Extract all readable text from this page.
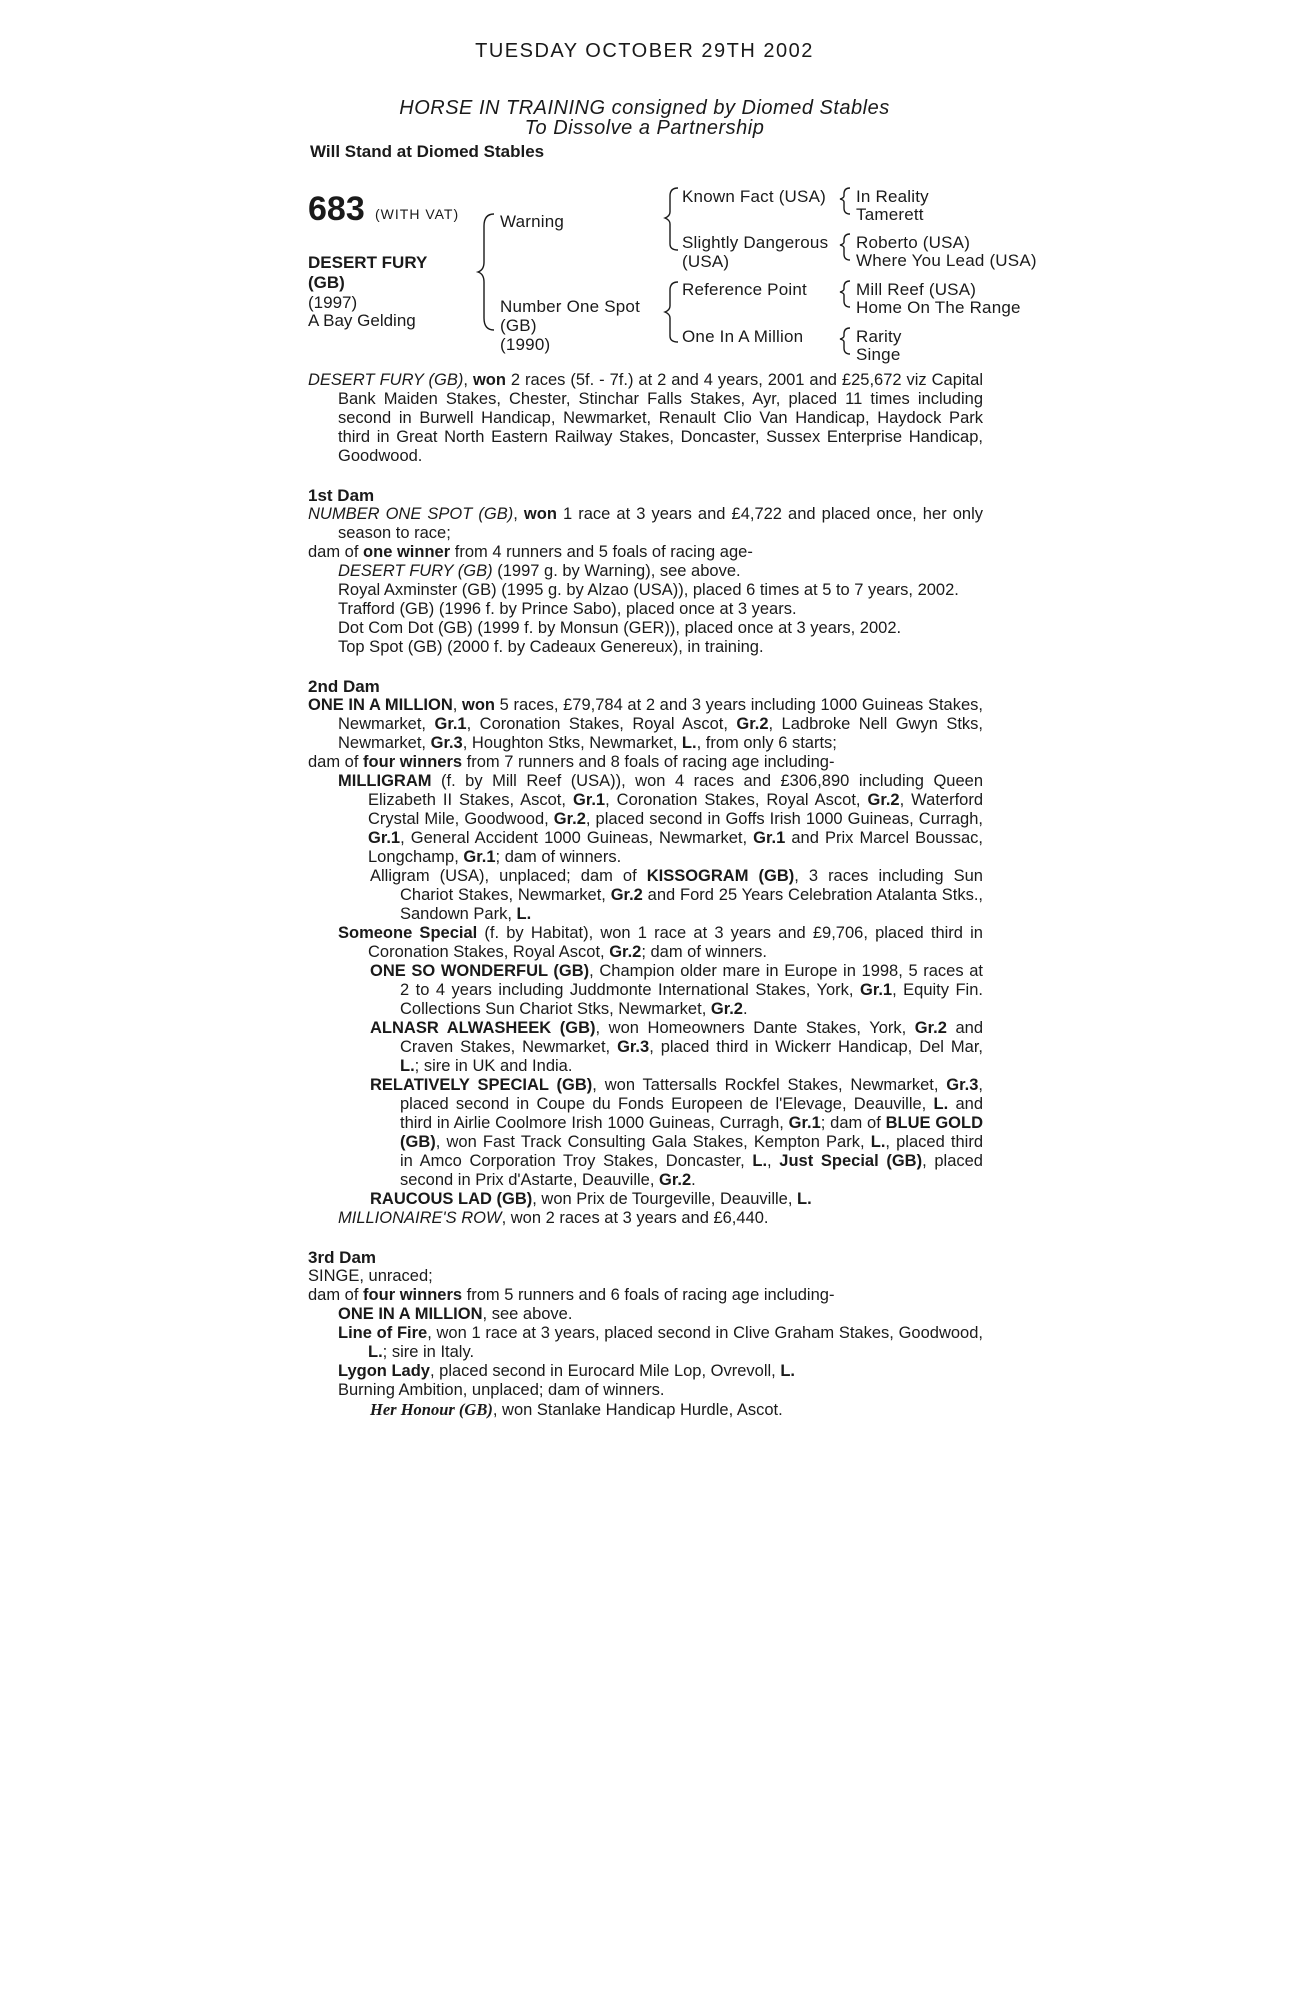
TUESDAY OCTOBER 29TH 2002
HORSE IN TRAINING consigned by Diomed Stables
To Dissolve a Partnership
Will Stand at Diomed Stables
683 (WITH VAT)
DESERT FURY
(GB)
(1997)
A Bay Gelding
Warning
Number One Spot
(GB)
(1990)
Known Fact (USA)
Slightly Dangerous
(USA)
Reference Point
One In A Million
In Reality
Tamerett
Roberto (USA)
Where You Lead (USA)
Mill Reef (USA)
Home On The Range
Rarity
Singe

DESERT FURY (GB), won 2 races (5f. - 7f.) at 2 and 4 years, 2001 and £25,672 viz Capital Bank Maiden Stakes, Chester, Stinchar Falls Stakes, Ayr, placed 11 times including second in Burwell Handicap, Newmarket, Renault Clio Van Handicap, Haydock Park third in Great North Eastern Railway Stakes, Doncaster, Sussex Enterprise Handicap, Goodwood.

1st Dam

NUMBER ONE SPOT (GB), won 1 race at 3 years and £4,722 and placed once, her only season to race;

dam of one winner from 4 runners and 5 foals of racing age-

DESERT FURY (GB) (1997 g. by Warning), see above.

Royal Axminster (GB) (1995 g. by Alzao (USA)), placed 6 times at 5 to 7 years, 2002.

Trafford (GB) (1996 f. by Prince Sabo), placed once at 3 years.

Dot Com Dot (GB) (1999 f. by Monsun (GER)), placed once at 3 years, 2002.

Top Spot (GB) (2000 f. by Cadeaux Genereux), in training.

2nd Dam

ONE IN A MILLION, won 5 races, £79,784 at 2 and 3 years including 1000 Guineas Stakes, Newmarket, Gr.1, Coronation Stakes, Royal Ascot, Gr.2, Ladbroke Nell Gwyn Stks, Newmarket, Gr.3, Houghton Stks, Newmarket, L., from only 6 starts;

dam of four winners from 7 runners and 8 foals of racing age including-

MILLIGRAM (f. by Mill Reef (USA)), won 4 races and £306,890 including Queen Elizabeth II Stakes, Ascot, Gr.1, Coronation Stakes, Royal Ascot, Gr.2, Waterford Crystal Mile, Goodwood, Gr.2, placed second in Goffs Irish 1000 Guineas, Curragh, Gr.1, General Accident 1000 Guineas, Newmarket, Gr.1 and Prix Marcel Boussac, Longchamp, Gr.1; dam of winners.

Alligram (USA), unplaced; dam of KISSOGRAM (GB), 3 races including Sun Chariot Stakes, Newmarket, Gr.2 and Ford 25 Years Celebration Atalanta Stks., Sandown Park, L.

Someone Special (f. by Habitat), won 1 race at 3 years and £9,706, placed third in Coronation Stakes, Royal Ascot, Gr.2; dam of winners.

ONE SO WONDERFUL (GB), Champion older mare in Europe in 1998, 5 races at 2 to 4 years including Juddmonte International Stakes, York, Gr.1, Equity Fin. Collections Sun Chariot Stks, Newmarket, Gr.2.

ALNASR ALWASHEEK (GB), won Homeowners Dante Stakes, York, Gr.2 and Craven Stakes, Newmarket, Gr.3, placed third in Wickerr Handicap, Del Mar, L.; sire in UK and India.

RELATIVELY SPECIAL (GB), won Tattersalls Rockfel Stakes, Newmarket, Gr.3, placed second in Coupe du Fonds Europeen de l'Elevage, Deauville, L. and third in Airlie Coolmore Irish 1000 Guineas, Curragh, Gr.1; dam of BLUE GOLD (GB), won Fast Track Consulting Gala Stakes, Kempton Park, L., placed third in Amco Corporation Troy Stakes, Doncaster, L., Just Special (GB), placed second in Prix d'Astarte, Deauville, Gr.2.

RAUCOUS LAD (GB), won Prix de Tourgeville, Deauville, L.

MILLIONAIRE'S ROW, won 2 races at 3 years and £6,440.

3rd Dam

SINGE, unraced;

dam of four winners from 5 runners and 6 foals of racing age including-

ONE IN A MILLION, see above.

Line of Fire, won 1 race at 3 years, placed second in Clive Graham Stakes, Goodwood, L.; sire in Italy.

Lygon Lady, placed second in Eurocard Mile Lop, Ovrevoll, L.

Burning Ambition, unplaced; dam of winners.

Her Honour (GB), won Stanlake Handicap Hurdle, Ascot.
